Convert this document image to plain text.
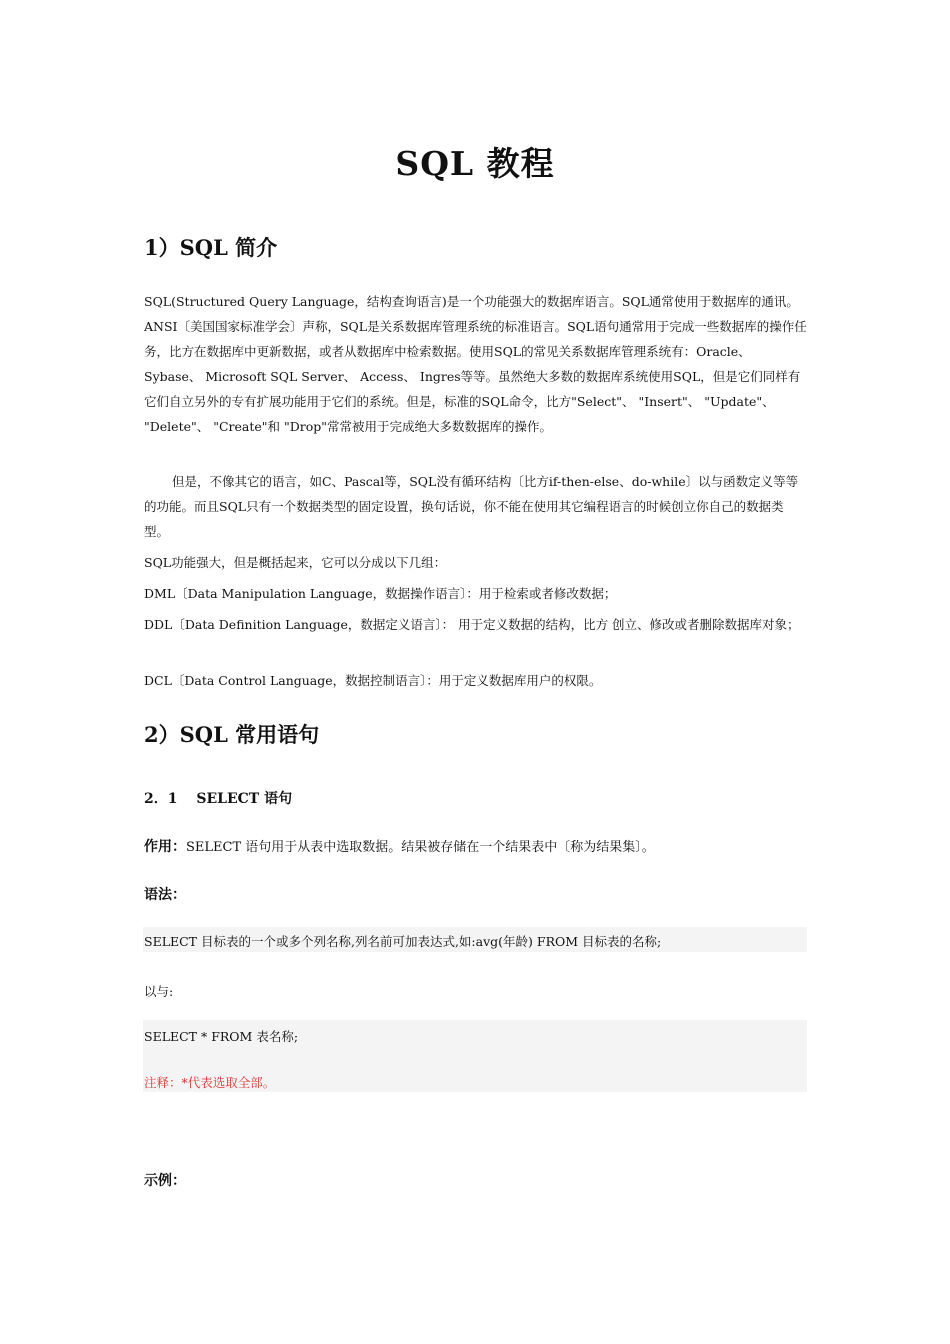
SQL 教程
1）SQL 简介

SQL(Structured Query Language，结构查询语言)是一个功能强大的数据库语言。SQL通常使用于数据库的通讯。ANSI〔美国国家标准学会〕声称，SQL是关系数据库管理系统的标准语言。SQL语句通常用于完成一些数据库的操作任务，比方在数据库中更新数据，或者从数据库中检索数据。使用SQL的常见关系数据库管理系统有：Oracle、 Sybase、 Microsoft SQL Server、 Access、 Ingres等等。虽然绝大多数的数据库系统使用SQL，但是它们同样有它们自立另外的专有扩展功能用于它们的系统。但是，标准的SQL命令，比方"Select"、 "Insert"、 "Update"、 "Delete"、 "Create"和 "Drop"常常被用于完成绝大多数数据库的操作。

但是，不像其它的语言，如C、Pascal等，SQL没有循环结构〔比方if-then-else、do-while〕以与函数定义等等的功能。而且SQL只有一个数据类型的固定设置，换句话说，你不能在使用其它编程语言的时候创立你自己的数据类型。

SQL功能强大，但是概括起来，它可以分成以下几组：

DML〔Data Manipulation Language，数据操作语言〕：用于检索或者修改数据；

DDL〔Data Definition Language，数据定义语言〕： 用于定义数据的结构，比方 创立、修改或者删除数据库对象；

DCL〔Data Control Language，数据控制语言〕：用于定义数据库用户的权限。

2）SQL 常用语句
2．1　 SELECT 语句
作用：SELECT 语句用于从表中选取数据。结果被存储在一个结果表中〔称为结果集〕。
语法：
SELECT 目标表的一个或多个列名称,列名前可加表达式,如:avg(年龄) FROM 目标表的名称;
以与:
SELECT * FROM 表名称;
注释：*代表选取全部。
示例：
